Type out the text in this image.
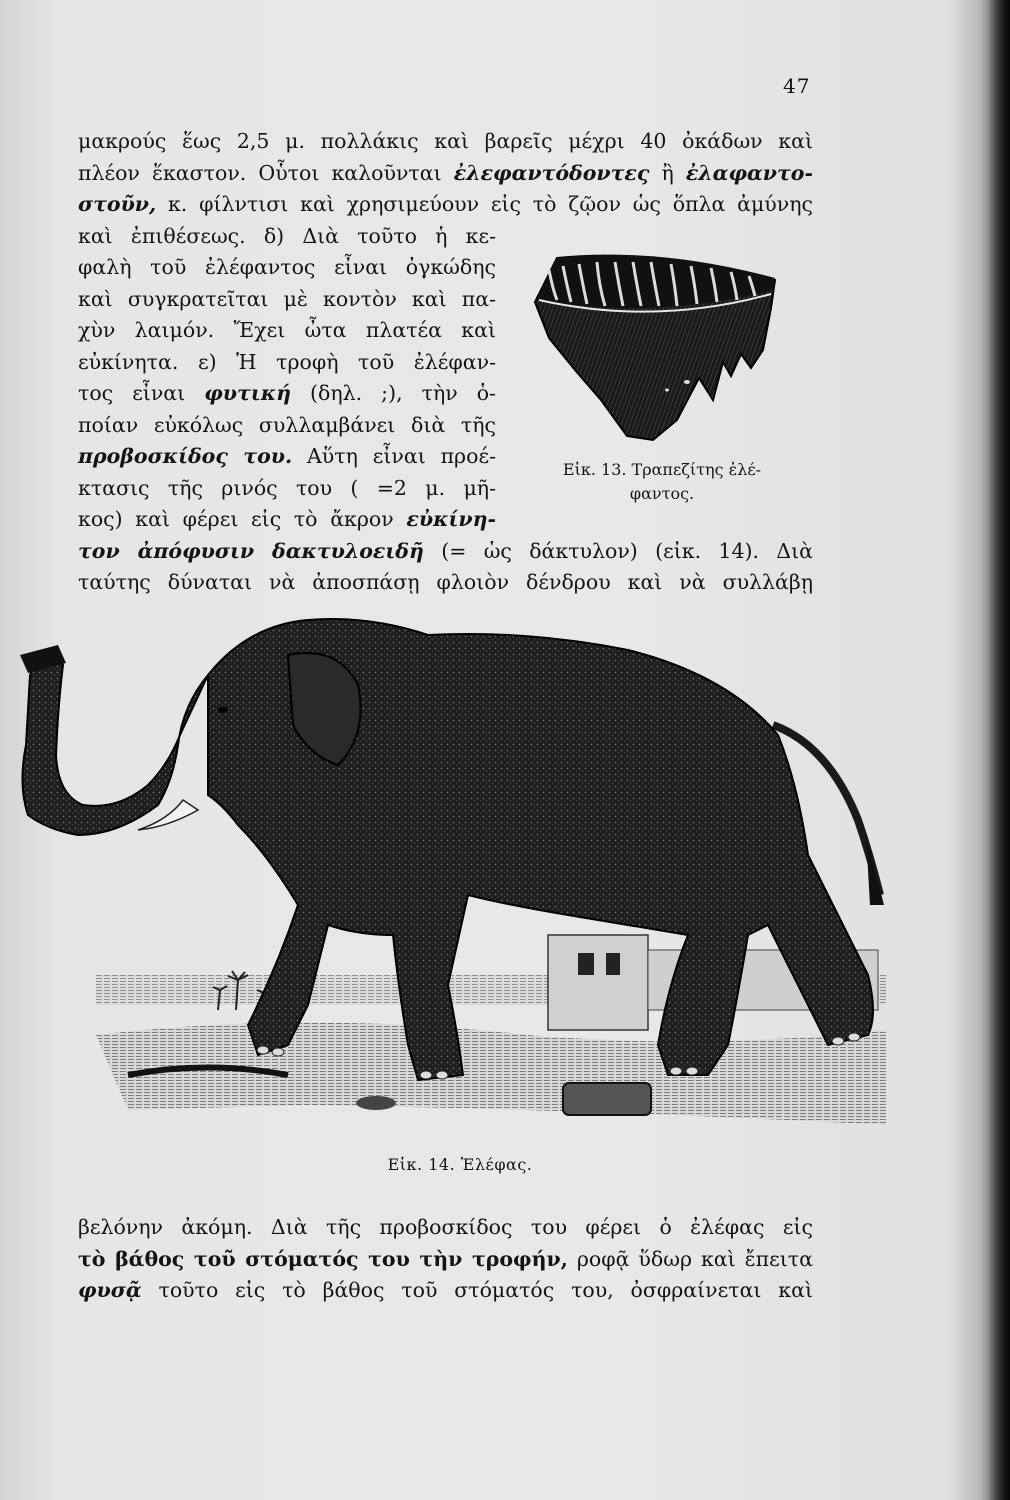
47
μακρούς ἕως 2,5 μ. πολλάκις καὶ βαρεῖς μέχρι 40 ὀκάδων καὶ
πλέον ἕκαστον. Οὗτοι καλοῦνται ἐλεφαντόδοντες ἢ ἐλαφαντο-
στοῦν, κ. φίλντισι καὶ χρησιμεύουν εἰς τὸ ζῷον ὡς ὅπλα ἀμύνης
καὶ ἐπιθέσεως. δ) Διὰ τοῦτο ἡ κε-
φαλὴ τοῦ ἐλέφαντος εἶναι ὀγκώδης
καὶ συγκρατεῖται μὲ κοντὸν καὶ πα-
χὺν λαιμόν. Ἔχει ὦτα πλατέα καὶ
εὐκίνητα. ε) Ἡ τροφὴ τοῦ ἐλέφαν-
τος εἶναι φυτική (δηλ. ;), τὴν ὁ-
ποίαν εὐκόλως συλλαμβάνει διὰ τῆς
προβοσκίδος του. Αὕτη εἶναι προέ-
κτασις τῆς ρινός του ( =2 μ. μῆ-
κος) καὶ φέρει εἰς τὸ ἄκρον εὐκίνη-
τον ἀπόφυσιν δακτυλοειδῆ (= ὡς δάκτυλον) (εἰκ. 14). Διὰ
ταύτης δύναται νὰ ἀποσπάσῃ φλοιὸν δένδρου καὶ νὰ συλλάβῃ
Εἰκ. 13. Τραπεζίτης ἐλέ-
φαντος.
Εἰκ. 14. Ἐλέφας.
βελόνην ἀκόμη. Διὰ τῆς προβοσκίδος του φέρει ὁ ἐλέφας εἰς
τὸ βάθος τοῦ στόματός του τὴν τροφήν, ροφᾷ ὕδωρ καὶ ἔπειτα
φυσᾷ τοῦτο εἰς τὸ βάθος τοῦ στόματός του, ὀσφραίνεται καὶ
